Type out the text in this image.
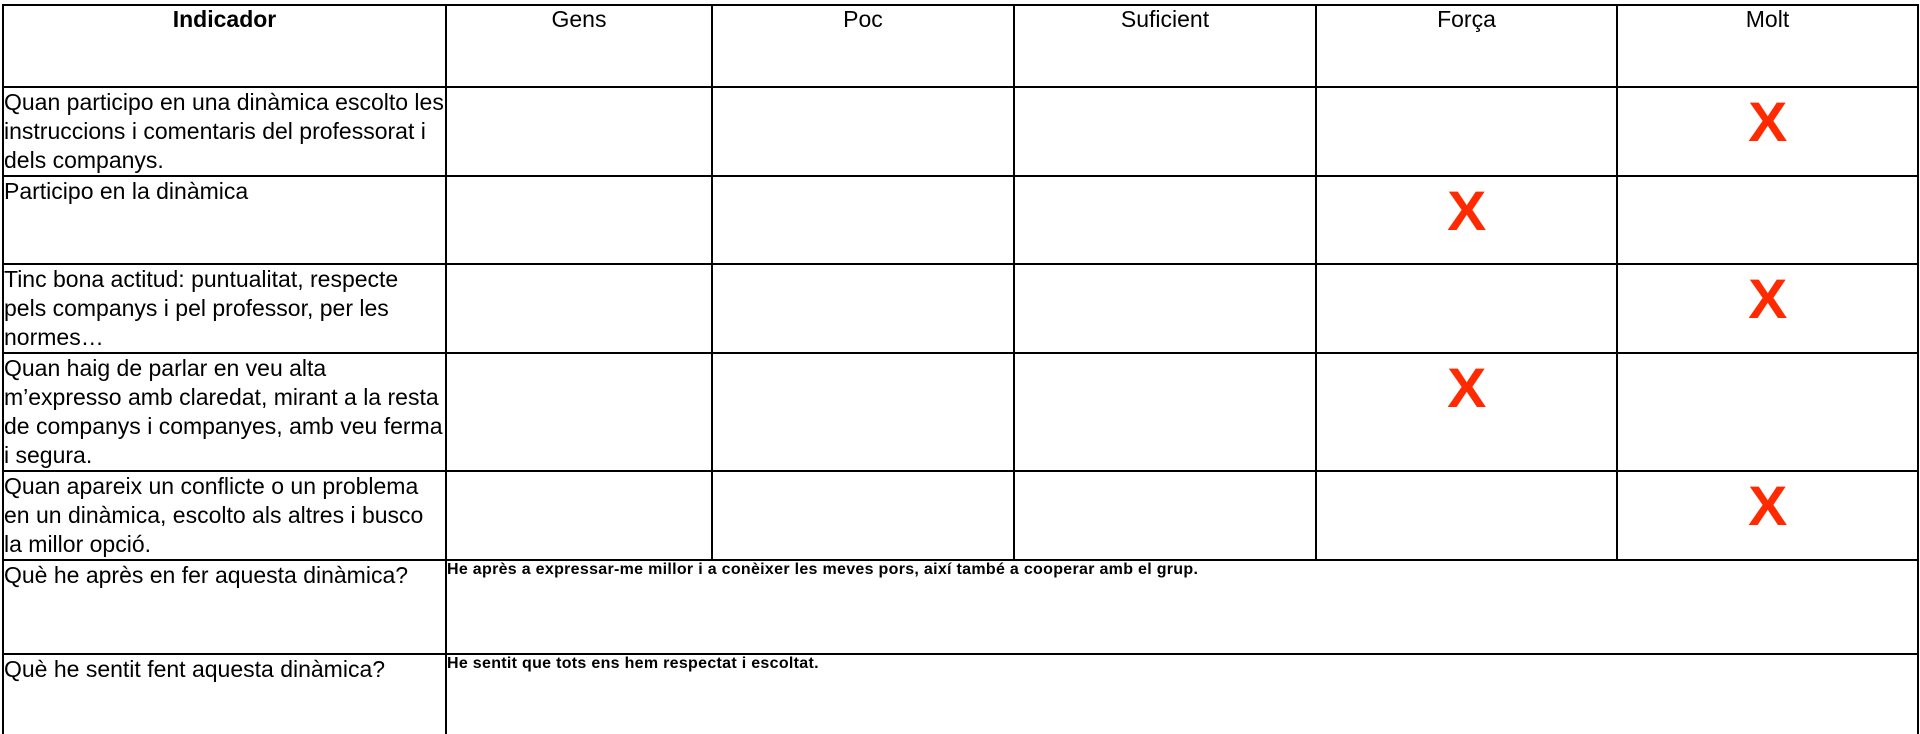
Indicador	Gens	Poc	Suficient	Força	Molt
Quan participo en una dinàmica escolto les instruccions i comentaris del professorat i dels companys.					X
Participo en la dinàmica				X	
Tinc bona actitud: puntualitat, respecte pels companys i pel professor, per les normes…					X
Quan haig de parlar en veu alta m’expresso amb claredat, mirant a la resta de companys i companyes, amb veu ferma i segura.				X	
Quan apareix un conflicte o un problema en un dinàmica, escolto als altres i busco la millor opció.					X
Què he après en fer aquesta dinàmica?	He après a expressar-me millor i a conèixer les meves pors, així també a cooperar amb el grup.				
Què he sentit fent aquesta dinàmica?	He sentit que tots ens hem respectat i escoltat.				
